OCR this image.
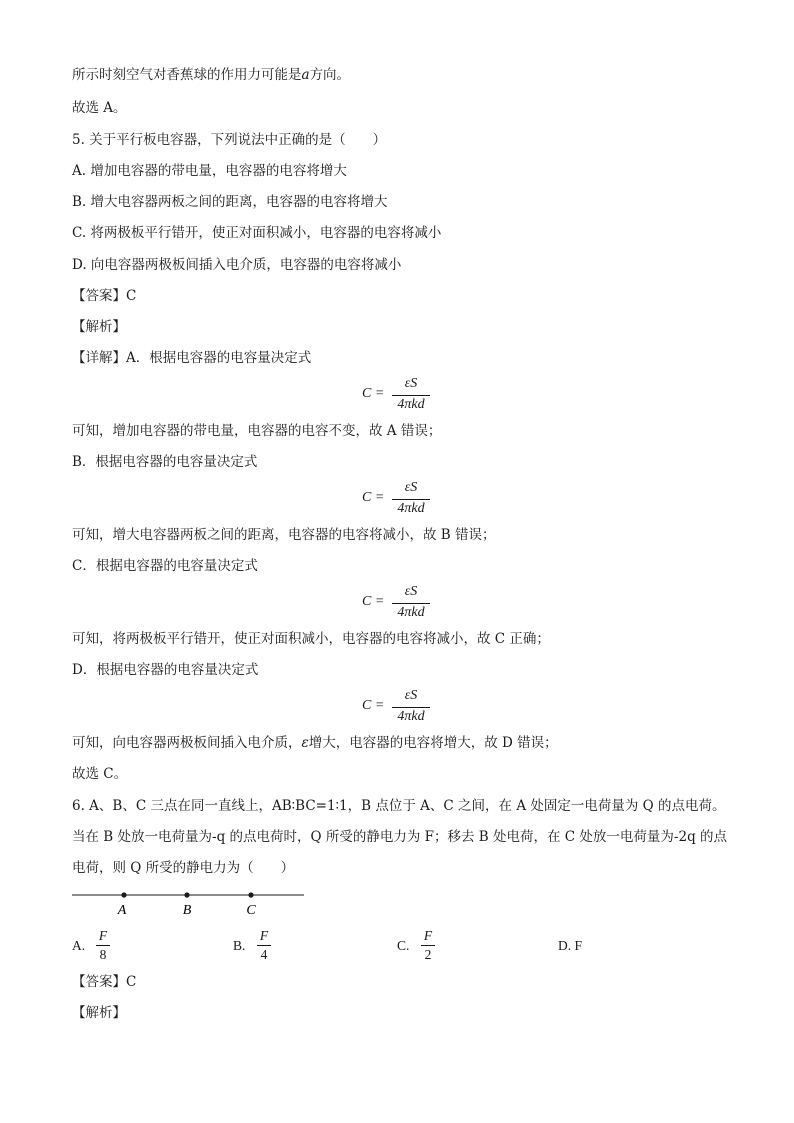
所示时刻空气对香蕉球的作用力可能是a方向。
故选 A。
5. 关于平行板电容器，下列说法中正确的是（　　）
A. 增加电容器的带电量，电容器的电容将增大
B. 增大电容器两板之间的距离，电容器的电容将增大
C. 将两极板平行错开，使正对面积减小，电容器的电容将减小
D. 向电容器两极板间插入电介质，电容器的电容将减小
【答案】C
【解析】
【详解】A．根据电容器的电容量决定式
C =
εS
4πkd
可知，增加电容器的带电量，电容器的电容不变，故 A 错误；
B．根据电容器的电容量决定式
C =
εS
4πkd
可知，增大电容器两板之间的距离，电容器的电容将减小，故 B 错误；
C．根据电容器的电容量决定式
C =
εS
4πkd
可知，将两极板平行错开，使正对面积减小，电容器的电容将减小，故 C 正确；
D．根据电容器的电容量决定式
C =
εS
4πkd
可知，向电容器两极板间插入电介质，ε增大，电容器的电容将增大，故 D 错误；
故选 C。
6. A、B、C 三点在同一直线上，AB∶BC=1∶1，B 点位于 A、C 之间，在 A 处固定一电荷量为 Q 的点电荷。
当在 B 处放一电荷量为-q 的点电荷时，Q 所受的静电力为 F；移去 B 处电荷，在 C 处放一电荷量为-2q 的点
电荷，则 Q 所受的静电力为（　　）
A	B	C
A.
F
8
B.
F
4
C.
F
2
D. F
【答案】C
【解析】
